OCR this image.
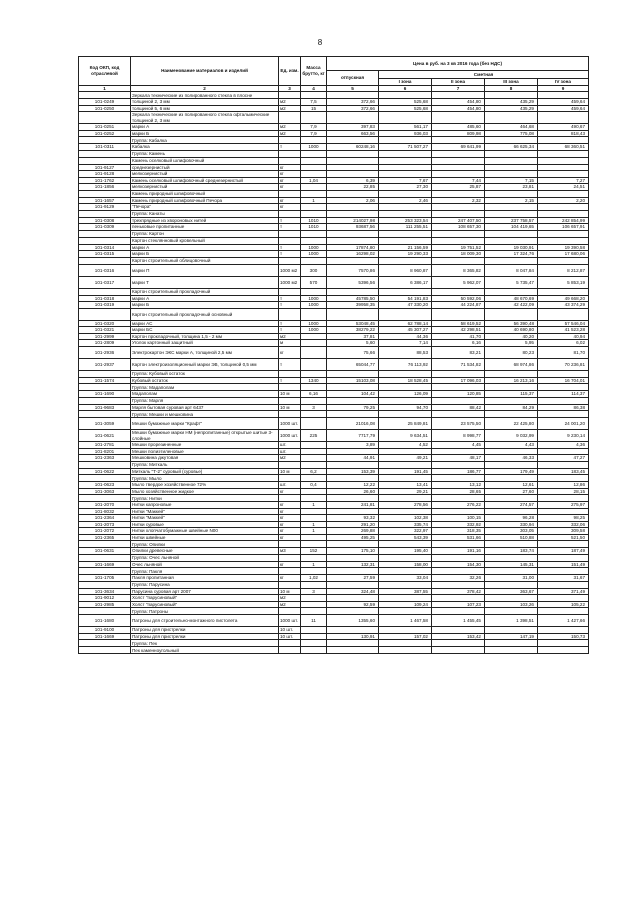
8
Код ОКП, код отраслевой	Наименование материалов и изделий	Ед. изм.	Масса брутто, кг	Цена в руб. на 3 кв 2016 года (без НДС)				
				отпускная	Сметная			
					I зона	II зона	III зона	IV зона
1	2	3	4	5	6	7	8	9
	Зеркала технические из полированного стекла в плосне							
101-0249	толщиной 2, 3 мм	м2	7,5	372,66	525,68	454,80	435,29	459,64
101-0250	толщиной 5, 6 мм	м2	15	372,66	525,68	454,80	435,29	459,64
	Зеркала технические из полированного стекла офтальмические толщиной 2, 3 мм							
101-0251	марки А	м2	7,9	397,83	561,17	485,60	464,68	490,67
101-0252	марки Б	м2	7,9	663,56	936,03	809,98	775,08	818,43
	Группа: Кабалка							
101-0311	Кабалка	т	1000	60248,16	71 507,27	69 641,99	66 625,34	68 360,51
	Группа: Камень							
	Камень оселковый шлифовочный							
101-9127	среднезернистый	кг						
101-9128	мелкозернистый	кг						
101-1762	Камень оселковый шлифовочный среднезернистый	кг	1,04	6,39	7,67	7,44	7,15	7,27
101-1856	мелкозернистый	кг		22,85	27,30	25,87	23,81	24,51
	Камень природный шлифовочный							
101-1657	Камень природный шлифовочный Печора	кг	1	2,06	2,46	2,32	2,15	2,20
101-9129	"Печора"	кг						
	Группа: Канаты							
101-0308	трехпрядные из хвороновых нитей	т	1010	214027,98	253 323,54	247 407,50	237 758,57	242 854,99
101-0309	пеньковые пропитанные	т	1010	93687,56	111 255,51	108 657,30	104 419,65	106 657,91
	Группа: Картон							
	Картон стеклянновый кровельный							
101-0314	марки А	т	1000	17874,80	21 156,59	19 751,52	19 030,91	19 390,58
101-0315	марки Б	т	1000	16298,02	19 290,33	18 009,30	17 324,76	17 680,06
	Картон строительный облицовочный							
101-0316	марки П	1000 м2	300	7570,86	8 960,87	8 365,82	8 047,84	8 212,87
101-0317	марки Т	1000 м2	570	5396,56	6 386,17	5 962,07	5 735,47	5 853,19
	Картон строительный прокладочный							
101-0318	марки А	т	1000	45785,50	54 191,83	50 592,06	48 670,69	49 668,20
101-0319	марки Б	т	1000	39958,35	47 330,20	44 224,87	42 422,09	43 374,29
	Картон строительный прокладочный основный							
101-0320	марки АС	т	1000	53048,45	62 788,14	58 619,52	56 390,48	57 546,04
101-0321	марки БС	т	1000	38279,22	45 307,27	42 298,51	40 690,80	41 523,28
101-2999	Картон прокладочный, толщина 1,5 - 2 мм	м2		37,81	44,36	41,70	40,20	40,94
101-2809	Уголок картонный защитный	м		5,60	7,14	6,16	5,95	6,02
101-2936	Электрокартон ЭКС марки А, толщиной 2,5 мм	кг		75,66	88,53	83,21	80,23	81,70
101-2937	Картон электроизоляционный марки ЭВ, толщиной 0,5 мм	т		65044,77	76 113,92	71 534,82	68 974,86	70 236,81
	Группа: Кубовый остаток							
101-1574	Кубовый остаток	т	1340	15103,08	18 528,45	17 096,03	16 213,16	16 704,01
	Группа: Мадаполам							
101-1690	Мадаполам	10 м	6,16	104,42	126,09	120,85	115,37	114,37
	Группа: Марля							
101-9683	Марля бытовая суровая арт 6437	10 м	3	79,25	94,70	88,42	84,29	86,38
	Группа: Мешки и мешковина							
101-3059	Мешки бумажные марки "Крафт"	1000 шт.		21016,08	25 849,81	23 575,50	22 425,80	24 001,20
101-0621	Мешки бумажные марки НМ (непропитанные) открытые шитые 3-слойные	1000 шт.	225	7717,79	9 634,51	8 998,77	9 032,99	9 230,14
101-2781	Мешки прорезиненные	шт.		3,89	4,52	4,45	4,43	4,36
101-8201	Мешки полиэтиленовые	шт.						
101-2363	Мешковина джутовая	м2		44,91	49,21	48,17	46,33	47,27
	Группа: Миткаль							
101-0622	Миткаль "Т-2" суровый (суровье)	10 м	6,2	153,39	191,45	186,77	179,49	183,45
	Группа: Мыло							
101-0623	Мыло твердое хозяйственное 72%	шт.	0,4	12,22	13,41	13,12	12,61	12,86
101-3063	Мыло хозяйственное жидкое	кг		26,60	29,21	28,65	27,60	28,15
	Группа: Нитки							
101-2070	Нитки капроновые	кг	1	241,81	278,56	276,22	274,57	275,97
101-8032	Нитки "Маккей"	кг						
101-2364	Нитки "Маккей"	кг		93,32	102,38	100,15	96,28	98,25
101-2073	Нитки суровые	кг	1	291,20	335,74	332,92	330,94	332,06
101-2072	Нитки хлопчатобумажные швейные N00	кг	1	269,88	322,97	318,35	303,05	309,58
101-2365	Нитки швейные	кг		495,25	543,39	531,66	510,88	521,50
	Группа: Опилки							
101-0631	Опилки древесные	м3	152	175,10	195,40	191,16	183,74	187,49
	Группа: Очес льняной							
101-1669	Очес льняной	кг	1	132,31	158,00	154,30	145,31	151,49
	Группа: Пакля							
101-1705	Пакля пропитанная	кг	1,02	27,59	33,04	32,26	31,00	31,67
	Группа: Парусина							
101-3634	Парусина суровая арт 2007	10 м	3	324,48	387,55	378,42	363,67	371,49
101-9012	Холст "парусиновый"	м2						
101-2985	Холст "парусиновый"	м2		92,59	109,24	107,23	103,26	105,22
	Группа: Патроны							
101-1680	Патроны для строительно-монтажного пистолета	1000 шт.	11	1355,60	1 467,58	1 455,45	1 398,51	1 427,66
101-9100	Патроны для пристрелки	10 шт.						
101-1669	Патроны для пристрелки	10 шт.		130,91	157,02	153,42	147,19	150,73
	Группа: Пек							
	Пек каменноугольный							
